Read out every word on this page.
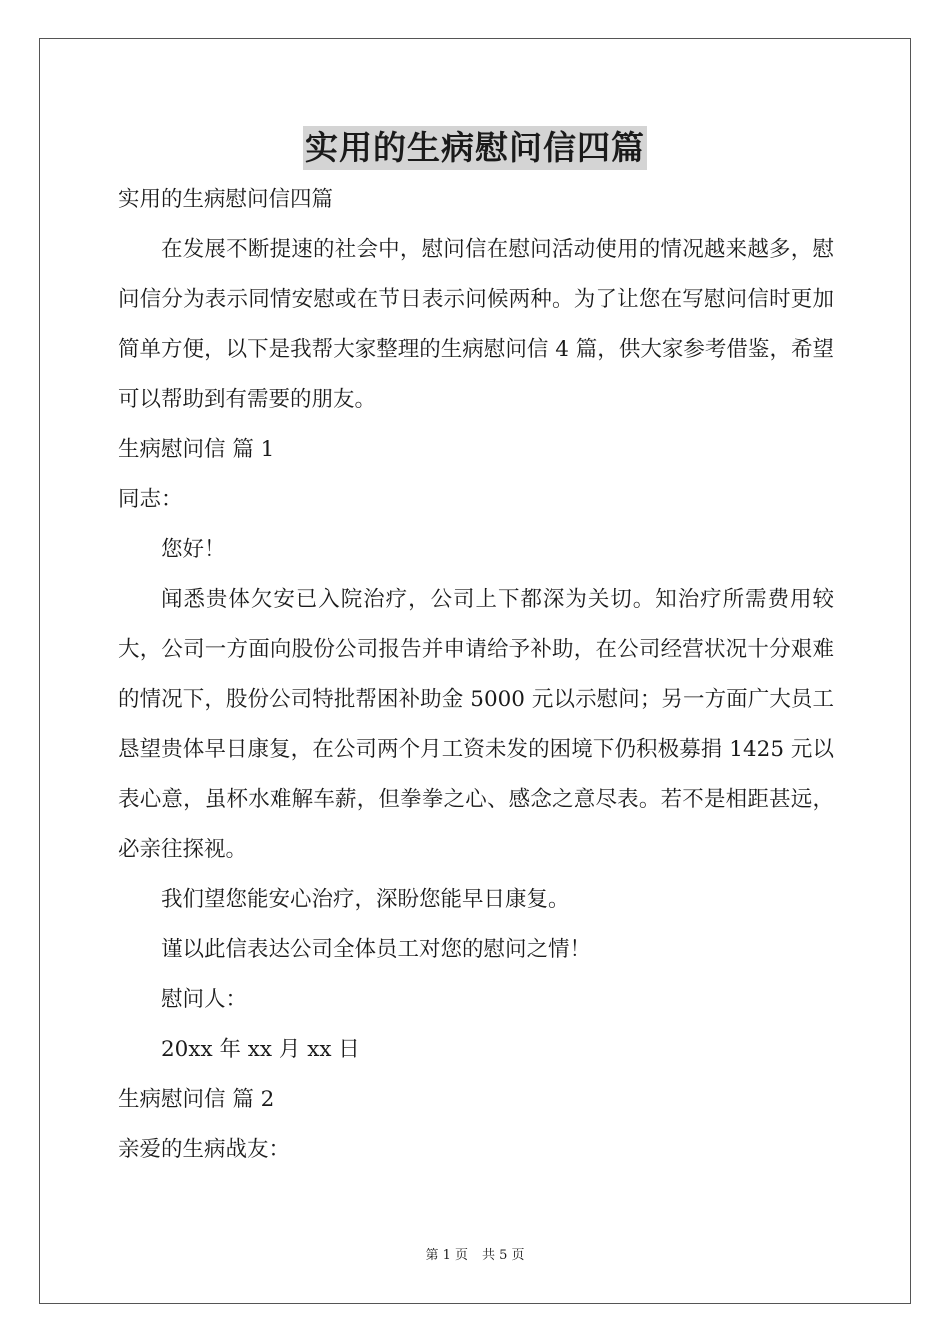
实用的生病慰问信四篇

实用的生病慰问信四篇

在发展不断提速的社会中，慰问信在慰问活动使用的情况越来越多，慰问信分为表示同情安慰或在节日表示问候两种。为了让您在写慰问信时更加简单方便，以下是我帮大家整理的生病慰问信 4 篇，供大家参考借鉴，希望可以帮助到有需要的朋友。

生病慰问信 篇 1

同志：

您好！

闻悉贵体欠安已入院治疗，公司上下都深为关切。知治疗所需费用较大，公司一方面向股份公司报告并申请给予补助，在公司经营状况十分艰难的情况下，股份公司特批帮困补助金 5000 元以示慰问；另一方面广大员工恳望贵体早日康复，在公司两个月工资未发的困境下仍积极募捐 1425 元以表心意，虽杯水难解车薪，但拳拳之心、感念之意尽表。若不是相距甚远，必亲往探视。

我们望您能安心治疗，深盼您能早日康复。

谨以此信表达公司全体员工对您的慰问之情！

慰问人：

20xx 年 xx 月 xx 日

生病慰问信 篇 2

亲爱的生病战友：

第 1 页 共 5 页
